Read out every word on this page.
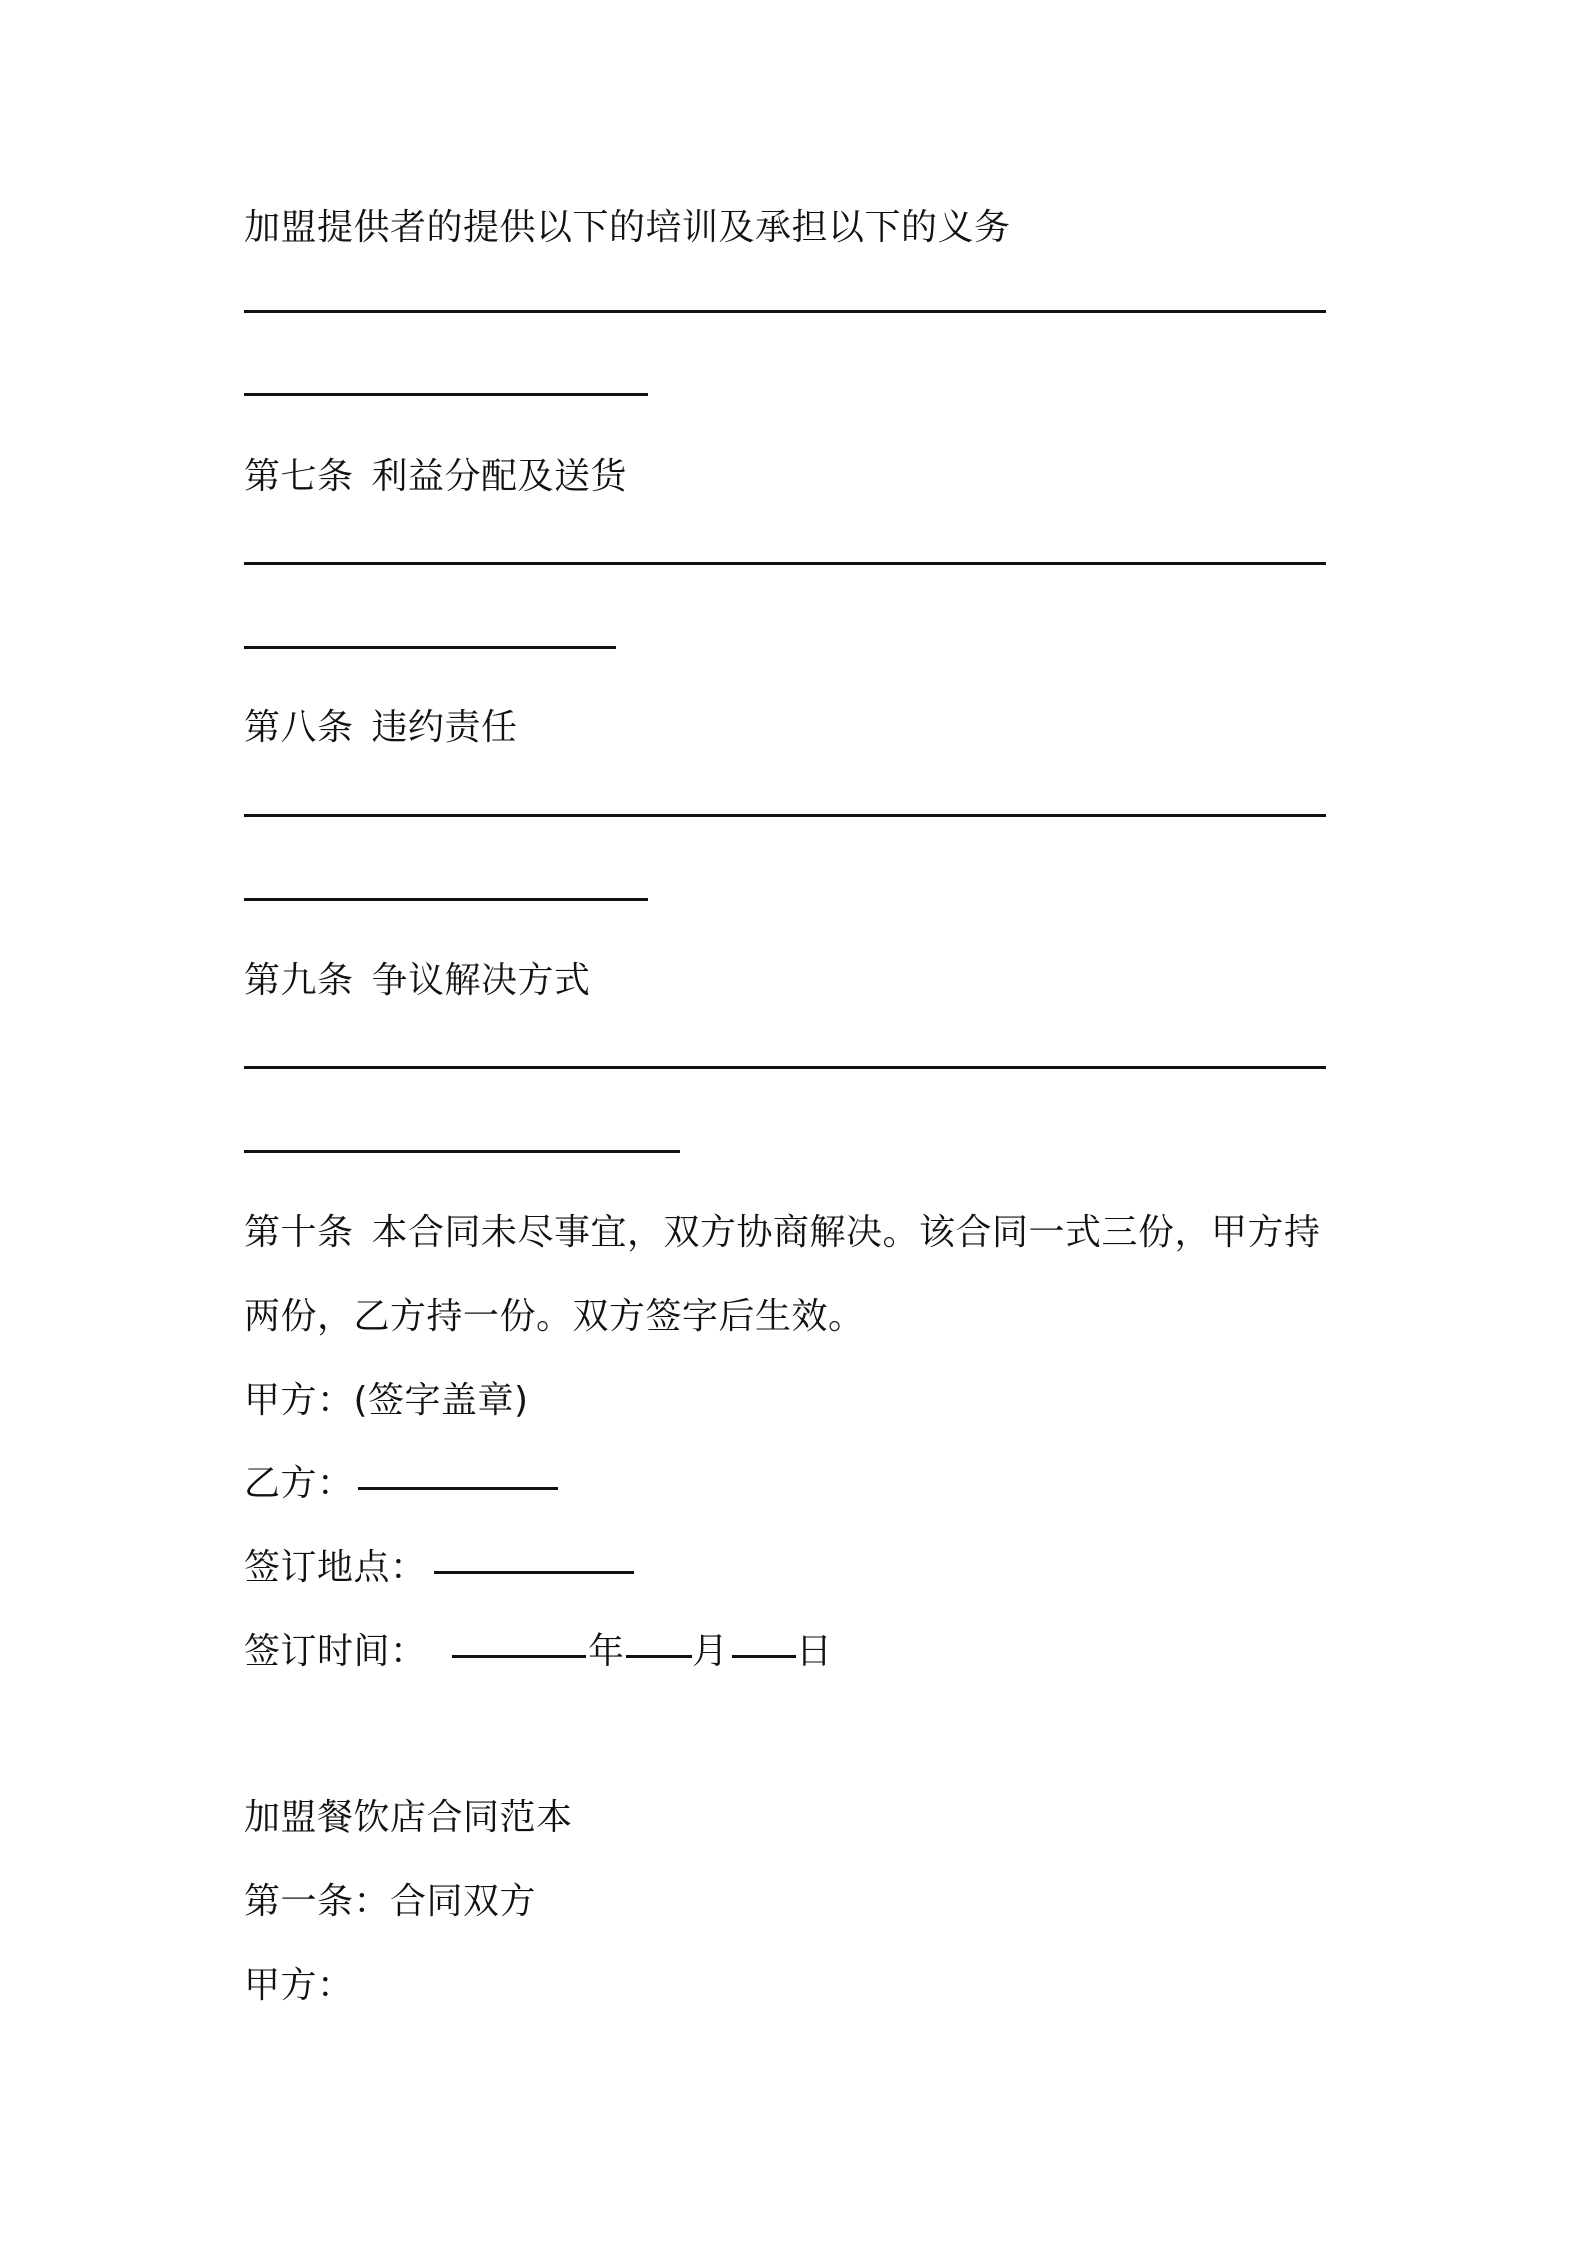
加盟提供者的提供以下的培训及承担以下的义务
第七条 利益分配及送货
第八条 违约责任
第九条 争议解决方式
第十条 本合同未尽事宜，双方协商解决。该合同一式三份，甲方持
两份，乙方持一份。双方签字后生效。
甲方：(签字盖章)
乙方：
签订地点：
签订时间：	年 月 日
加盟餐饮店合同范本
第一条：合同双方
甲方：
